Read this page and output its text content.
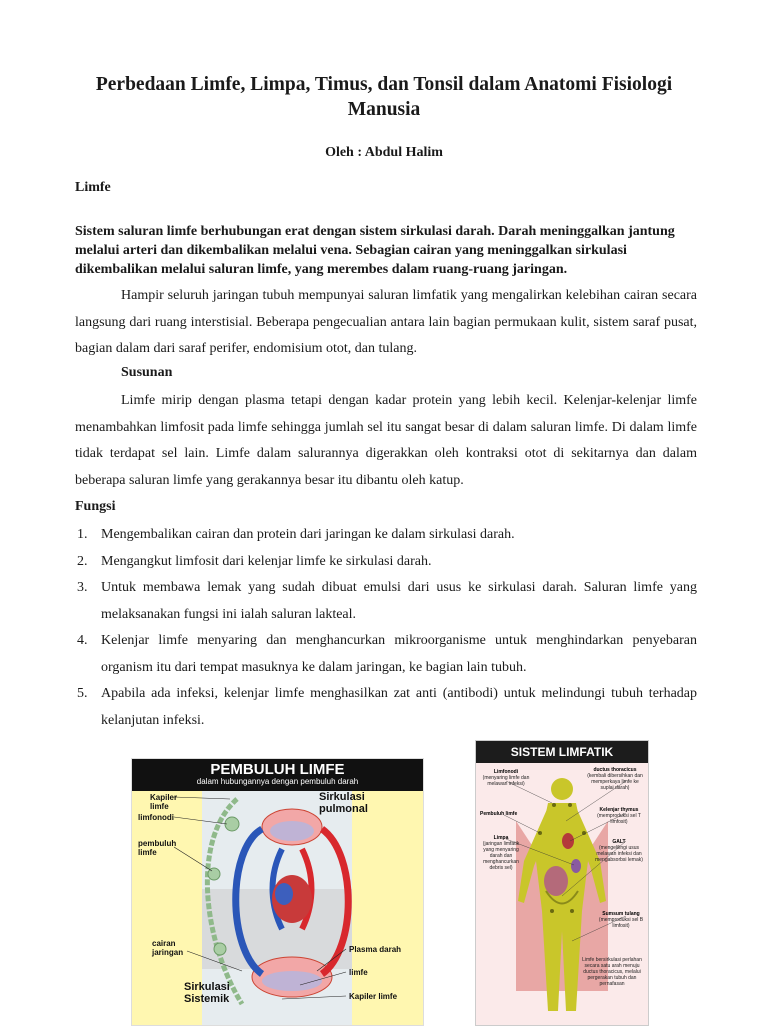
Perbedaan Limfe, Limpa, Timus, dan Tonsil dalam Anatomi Fisiologi Manusia
Oleh : Abdul Halim
Limfe
Sistem saluran limfe berhubungan erat dengan sistem sirkulasi darah. Darah meninggalkan jantung melalui arteri dan dikembalikan melalui vena. Sebagian cairan yang meninggalkan sirkulasi dikembalikan melalui saluran limfe, yang merembes dalam ruang-ruang jaringan.
Hampir seluruh jaringan tubuh mempunyai saluran limfatik yang mengalirkan kelebihan cairan secara langsung dari ruang interstisial. Beberapa pengecualian antara lain bagian permukaan kulit, sistem saraf pusat, bagian dalam dari saraf perifer, endomisium otot, dan tulang.
Susunan
Limfe mirip dengan plasma tetapi dengan kadar protein yang lebih kecil. Kelenjar-kelenjar limfe menambahkan limfosit pada limfe sehingga jumlah sel itu sangat besar di dalam saluran limfe. Di dalam limfe tidak terdapat sel lain. Limfe dalam salurannya digerakkan oleh kontraksi otot di sekitarnya dan dalam beberapa saluran limfe yang gerakannya besar itu dibantu oleh katup.
Fungsi
1. Mengembalikan cairan dan protein dari jaringan ke dalam sirkulasi darah.
2. Mengangkut limfosit dari kelenjar limfe ke sirkulasi darah.
3. Untuk membawa lemak yang sudah dibuat emulsi dari usus ke sirkulasi darah. Saluran limfe yang melaksanakan fungsi ini ialah saluran lakteal.
4. Kelenjar limfe menyaring dan menghancurkan mikroorganisme untuk menghindarkan penyebaran organism itu dari tempat masuknya ke dalam jaringan, ke bagian lain tubuh.
5. Apabila ada infeksi, kelenjar limfe menghasilkan zat anti (antibodi) untuk melindungi tubuh terhadap kelanjutan infeksi.
PEMBULUH LIMFE
dalam hubungannya dengan pembuluh darah
Kapiler limfe
limfonodi
pembuluh limfe
cairan jaringan
Sirkulasi pulmonal
Sirkulasi Sistemik
Plasma darah
limfe
Kapiler limfe
SISTEM LIMFATIK
Limfonodi
(menyaring limfe dan melawan infeksi)
ductus thoracicus
(kembali dibersihkan dan memperkaya limfe ke suplai darah)
Pembuluh limfe
Kelenjar thymus
(memproduksi sel T limfosit)
Limpa
(jaringan limfatik yang menyaring darah dan menghancurkan debris sel)
GALT
(mengelilingi usus melawan infeksi dan mengabsorbsi lemak)
Sumsum tulang
(memproduksi sel B limfosit)
Limfe bersirkulasi perlahan secara satu arah menuju ductus thoracicus, melalui pergerakan tubuh dan pernafasan
